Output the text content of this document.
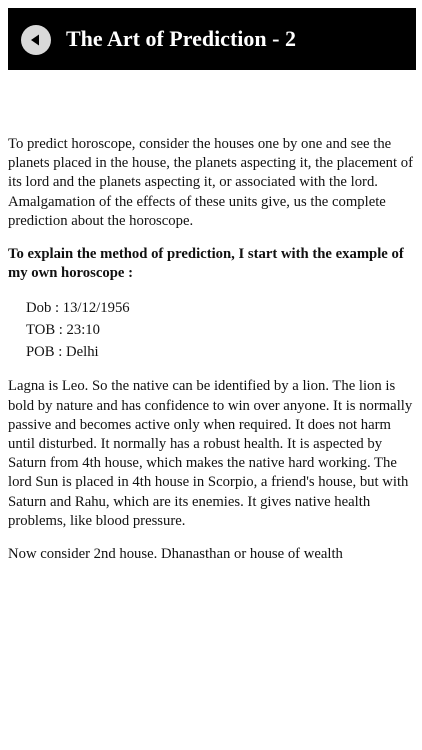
The Art of Prediction - 2

To predict horoscope, consider the houses one by one and see the planets placed in the house, the planets aspecting it, the placement of its lord and the planets aspecting it, or associated with the lord. Amalgamation of the effects of these units give, us the complete prediction about the horoscope.

To explain the method of prediction, I start with the example of my own horoscope :

Dob : 13/12/1956
TOB : 23:10
POB : Delhi

Lagna is Leo. So the native can be identified by a lion. The lion is bold by nature and has confidence to win over anyone. It is normally passive and becomes active only when required. It does not harm until disturbed. It normally has a robust health. It is aspected by Saturn from 4th house, which makes the native hard working. The lord Sun is placed in 4th house in Scorpio, a friend's house, but with Saturn and Rahu, which are its enemies. It gives native health problems, like blood pressure.

Now consider 2nd house. Dhanasthan or house of wealth
